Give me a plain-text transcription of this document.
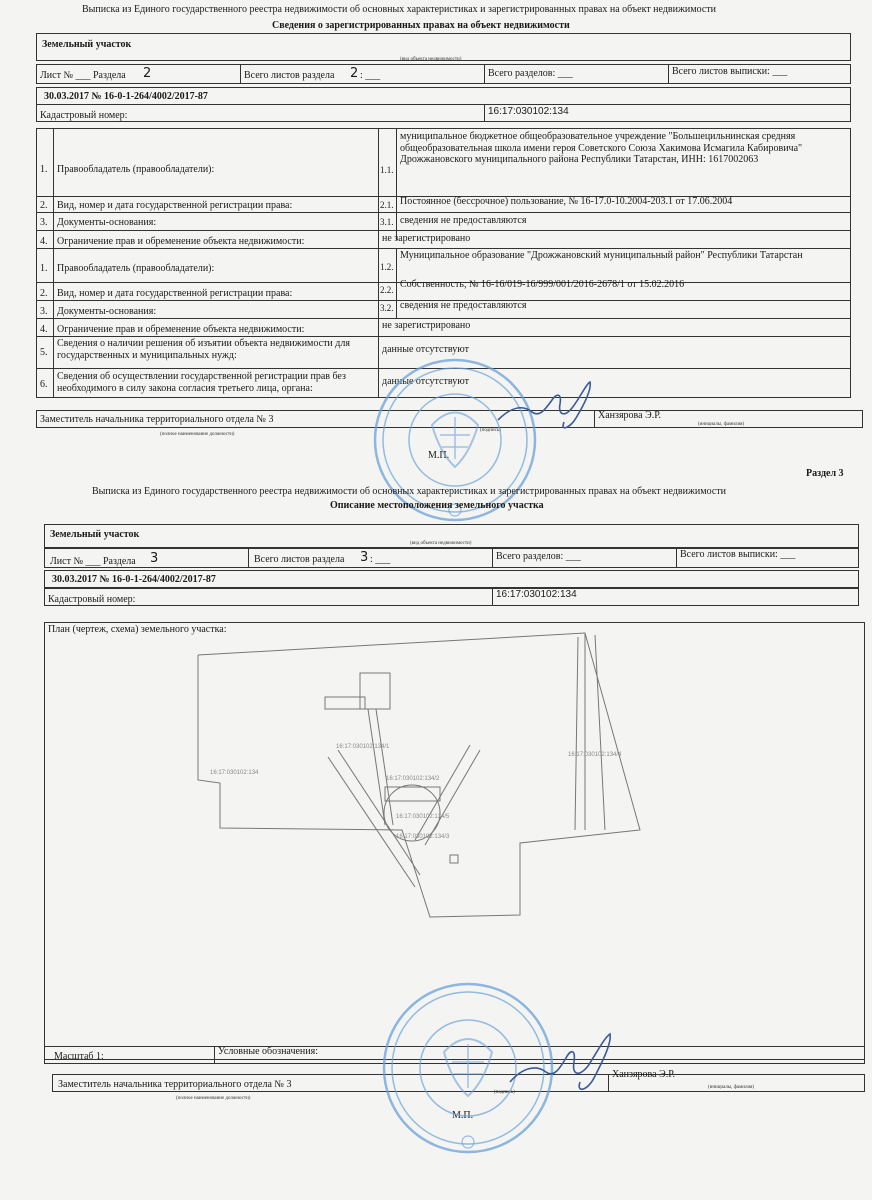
Выписка из Единого государственного реестра недвижимости об основных характеристиках и зарегистрированных правах на объект недвижимости
Сведения о зарегистрированных правах на объект недвижимости
Земельный участок
(вид объекта недвижимости)
Лист № ___ Раздела 2	Всего листов раздела 2 : ___	Всего разделов: ___	Всего листов выписки: ___
30.03.2017 № 16-0-1-264/4002/2017-87
Кадастровый номер:	16:17:030102:134
1. Правообладатель (правообладатели):	1.1.
муниципальное бюджетное общеобразовательное учреждение "Большецильнинская средняя общеобразовательная школа имени героя Советского Союза Хакимова Исмагила Кабировича" Дрожжановского муниципального района Республики Татарстан, ИНН: 1617002063
2. Вид, номер и дата государственной регистрации права:	2.1. Постоянное (бессрочное) пользование, № 16-17.0-10.2004-203.1 от 17.06.2004
3. Документы-основания:	3.1. сведения не предоставляются
4. Ограничение прав и обременение объекта недвижимости:	не зарегистрировано
1. Правообладатель (правообладатели):	1.2.
Муниципальное образование "Дрожжановский муниципальный район" Республики Татарстан
2. Вид, номер и дата государственной регистрации права:	2.2. Собственность, № 16-16/019-16/999/001/2016-2678/1 от 15.02.2016
3. Документы-основания:	3.2. сведения не предоставляются
4. Ограничение прав и обременение объекта недвижимости:	не зарегистрировано
5.
Сведения о наличии решения об изъятии объекта недвижимости для государственных и муниципальных нужд:	данные отсутствуют
6.
Сведения об осуществлении государственной регистрации прав без необходимого в силу закона согласия третьего лица, органа:
данные отсутствуют
Заместитель начальника территориального отдела № 3	Ханзярова Э.Р.
(полное наименование должности)
(подпись)
(инициалы, фамилия)
М.П.
Раздел 3
Выписка из Единого государственного реестра недвижимости об основных характеристиках и зарегистрированных правах на объект недвижимости
Описание местоположения земельного участка
Земельный участок
(вид объекта недвижимости)
Лист № ___ Раздела 3	Всего листов раздела 3 : ___	Всего разделов: ___	Всего листов выписки: ___
30.03.2017 № 16-0-1-264/4002/2017-87
Кадастровый номер:	16:17:030102:134
План (чертеж, схема) земельного участка:
16:17:030102:134
16:17:030102:134/1
16:17:030102:134/2
16:17:030102:134/3
16:17:030102:134/4
16:17:030102:134/5
Масштаб 1:	Условные обозначения:
Заместитель начальника территориального отдела № 3
Ханзярова Э.Р.
(полное наименование должности)
(подпись)
(инициалы, фамилия)
М.П.
